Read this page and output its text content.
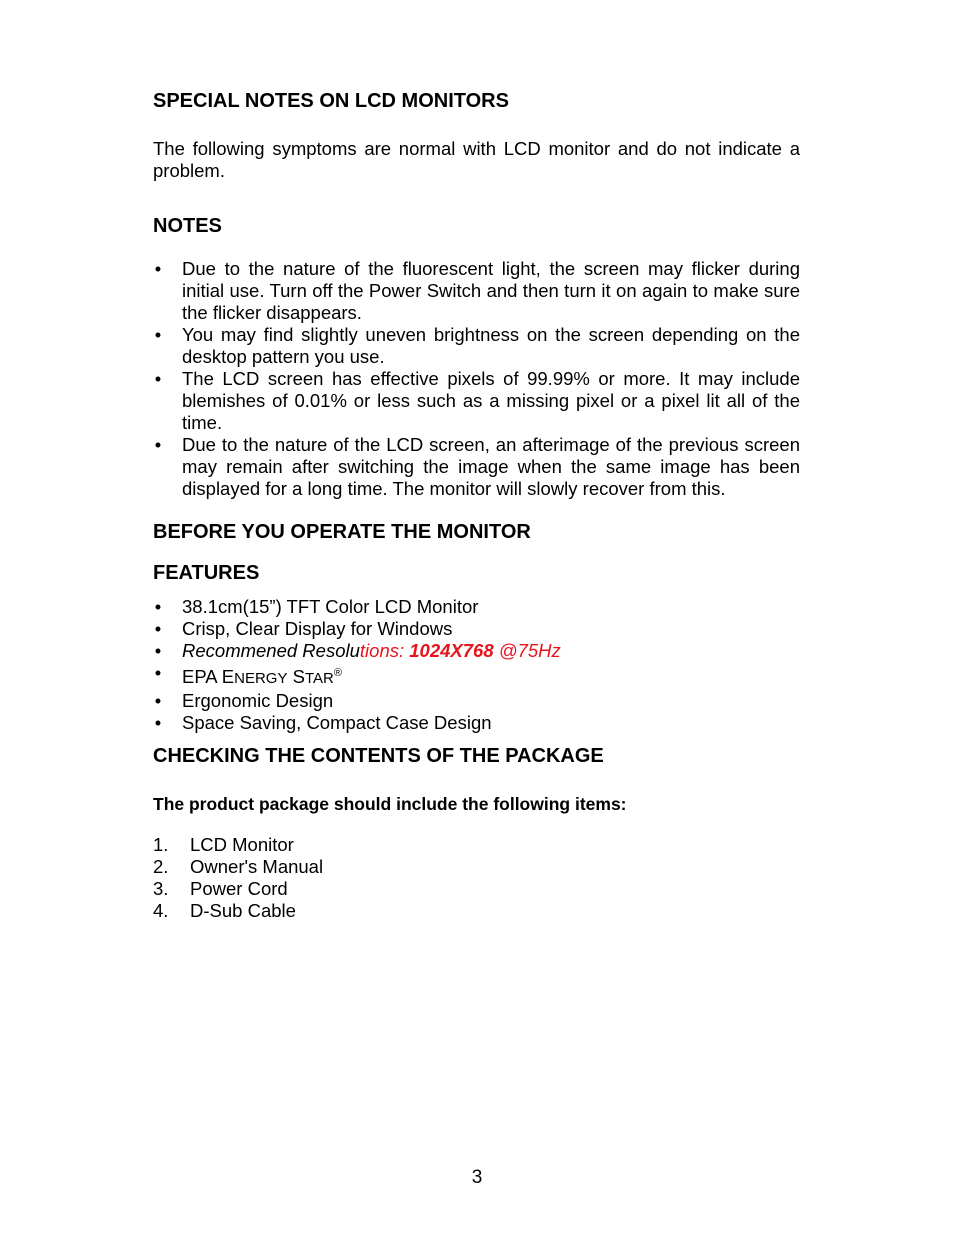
SPECIAL NOTES ON LCD MONITORS
The following symptoms are normal with LCD monitor and do not indicate a problem.
NOTES
• Due to the nature of the fluorescent light, the screen may flicker during initial use. Turn off the Power Switch and then turn it on again to make sure the flicker disappears.
• You may find slightly uneven brightness on the screen depending on the desktop pattern you use.
• The LCD screen has effective pixels of 99.99% or more. It may include blemishes of 0.01% or less such as a missing pixel or a pixel lit all of the time.
• Due to the nature of the LCD screen, an afterimage of the previous screen may remain after switching the image when the same image has been displayed for a long time. The monitor will slowly recover from this.
BEFORE YOU OPERATE THE MONITOR
FEATURES
• 38.1cm(15”) TFT Color LCD Monitor
• Crisp, Clear Display for Windows
• Recommened Resolutions: 1024X768 @75Hz
• EPA ENERGY STAR®
• Ergonomic Design
• Space Saving, Compact Case Design
CHECKING THE CONTENTS OF THE PACKAGE
The product package should include the following items:
1. LCD Monitor
2. Owner's Manual
3. Power Cord
4. D-Sub Cable
3
